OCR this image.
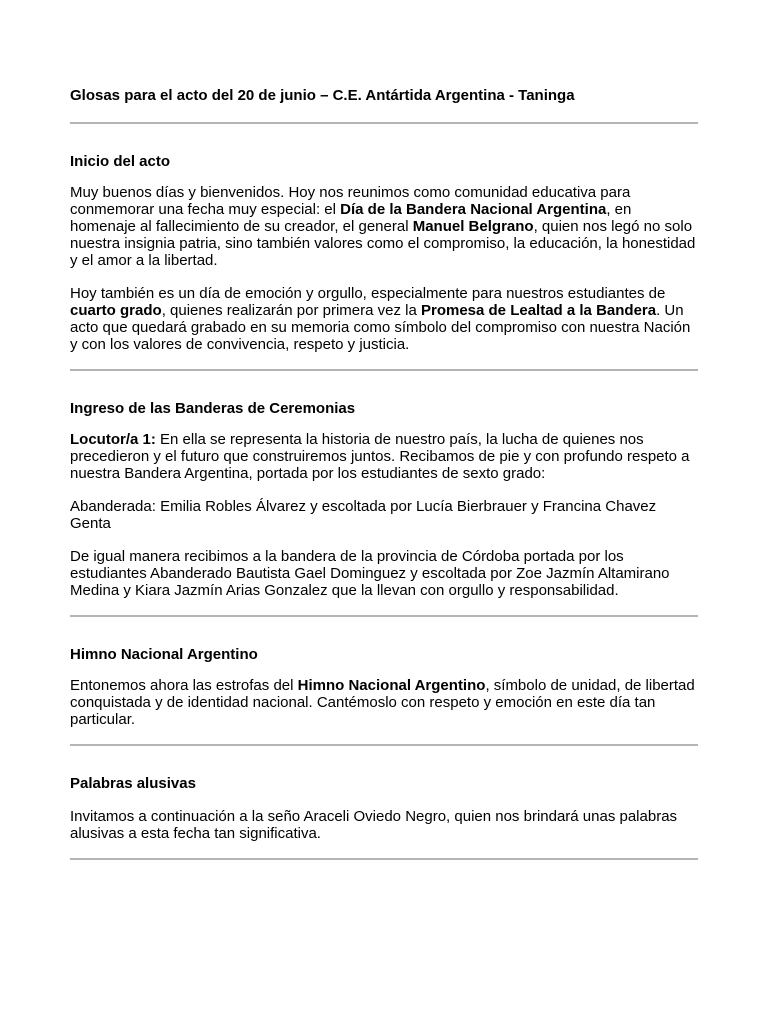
Glosas para el acto del 20 de junio – C.E. Antártida Argentina - Taninga

Inicio del acto

Muy buenos días y bienvenidos. Hoy nos reunimos como comunidad educativa para conmemorar una fecha muy especial: el Día de la Bandera Nacional Argentina, en homenaje al fallecimiento de su creador, el general Manuel Belgrano, quien nos legó no solo nuestra insignia patria, sino también valores como el compromiso, la educación, la honestidad y el amor a la libertad.

Hoy también es un día de emoción y orgullo, especialmente para nuestros estudiantes de cuarto grado, quienes realizarán por primera vez la Promesa de Lealtad a la Bandera. Un acto que quedará grabado en su memoria como símbolo del compromiso con nuestra Nación y con los valores de convivencia, respeto y justicia.

Ingreso de las Banderas de Ceremonias

Locutor/a 1: En ella se representa la historia de nuestro país, la lucha de quienes nos precedieron y el futuro que construiremos juntos. Recibamos de pie y con profundo respeto a nuestra Bandera Argentina, portada por los estudiantes de sexto grado:

Abanderada: Emilia Robles Álvarez y escoltada por Lucía Bierbrauer y Francina Chavez Genta

De igual manera recibimos a la bandera de la provincia de Córdoba portada por los estudiantes Abanderado Bautista Gael Dominguez y escoltada por Zoe Jazmín Altamirano Medina y Kiara Jazmín Arias Gonzalez que la llevan con orgullo y responsabilidad.

Himno Nacional Argentino

Entonemos ahora las estrofas del Himno Nacional Argentino, símbolo de unidad, de libertad conquistada y de identidad nacional. Cantémoslo con respeto y emoción en este día tan particular.

Palabras alusivas

Invitamos a continuación a la seño Araceli Oviedo Negro, quien nos brindará unas palabras alusivas a esta fecha tan significativa.
